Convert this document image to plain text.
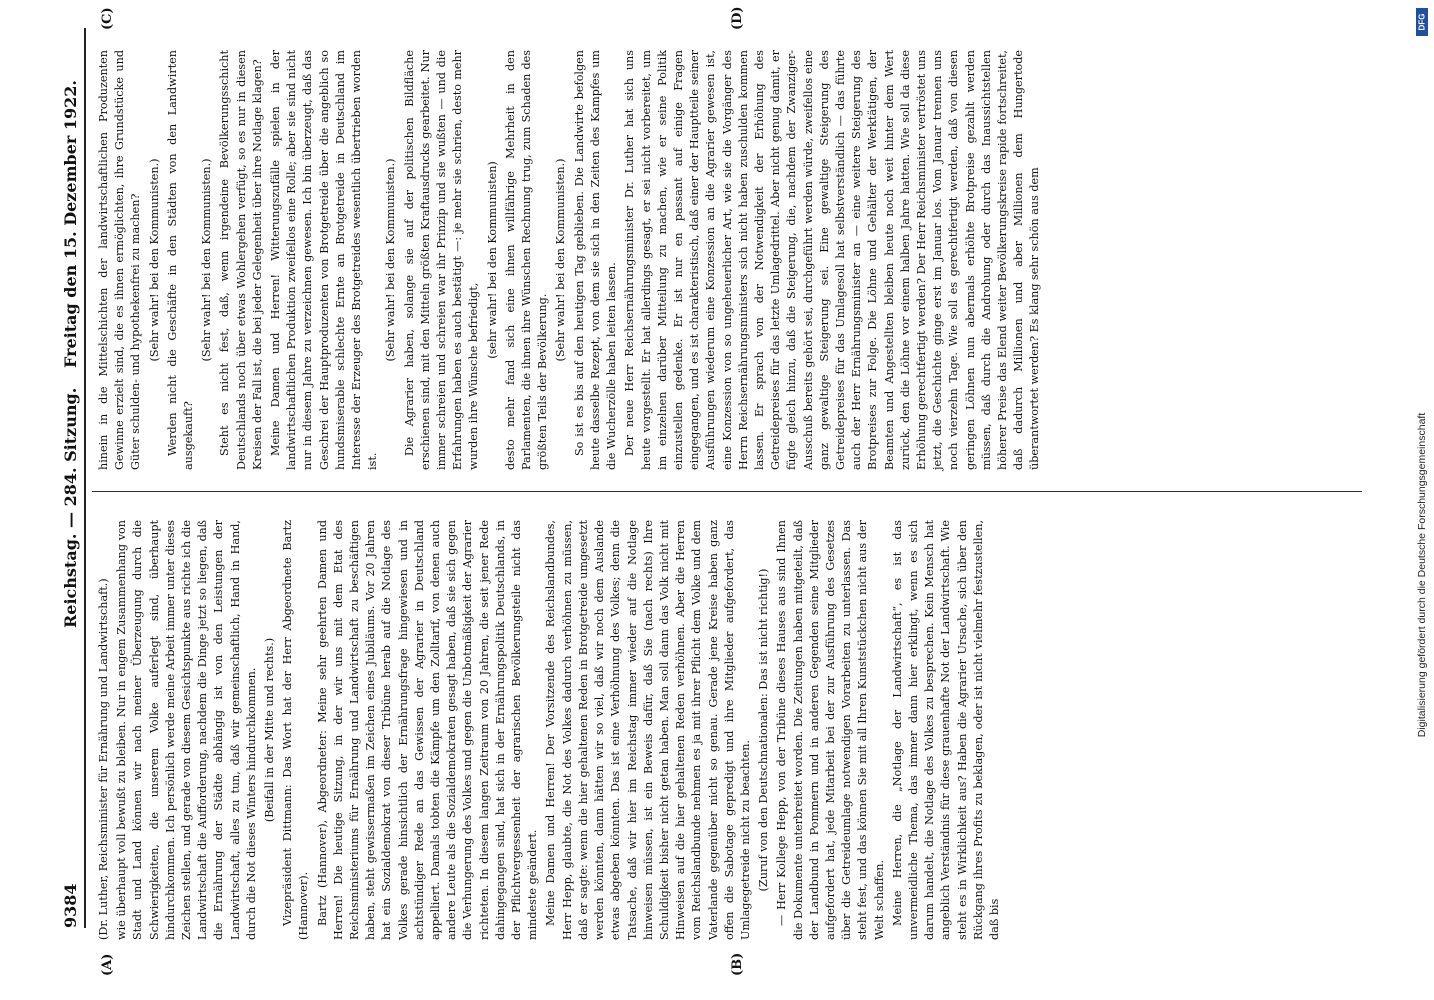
9384
Reichstag. — 284. Sitzung.
Freitag den 15. Dezember 1922.
(A)	(B)
(C)	(D)

(Dr. Luther, Reichsminister für Ernährung und Landwirtschaft.) wie überhaupt voll bewußt zu bleiben. Nur in engem Zusammenhang von Stadt und Land können wir nach meiner Überzeugung durch die Schwierigkeiten, die unserem Volke auferlegt sind, überhaupt hindurchkommen. Ich persönlich werde meine Arbeit immer unter dieses Zeichen stellen, und gerade von diesem Gesichtspunkte aus richte ich die Landwirtschaft die Aufforderung, nachdem die Dinge jetzt so liegen, daß die Ernährung der Städte abhängig ist von den Leistungen der Landwirtschaft, alles zu tun, daß wir gemeinschaftlich, Hand in Hand, durch die Not dieses Winters hindurchkommen. (Beifall in der Mitte und rechts.) Vizepräsident Dittmann: Das Wort hat der Herr Abgeordnete Bartz (Hannover). Bartz (Hannover), Abgeordneter: Meine sehr geehrten Damen und Herren! Die heutige Sitzung, in der wir uns mit dem Etat des Reichsministeriums für Ernährung und Landwirtschaft zu beschäftigen haben, steht gewissermaßen im Zeichen eines Jubiläums. Vor 20 Jahren hat ein Sozialdemokrat von dieser Tribüne herab auf die Notlage des Volkes gerade hinsichtlich der Ernährungsfrage hingewiesen und in achtstündiger Rede an das Gewissen der Agrarier in Deutschland appelliert. Damals tobten die Kämpfe um den Zolltarif, von denen auch andere Leute als die Sozialdemokraten gesagt haben, daß sie sich gegen die Verhungerung des Volkes und gegen die Unbotmäßigkeit der Agrarier richteten. In diesem langen Zeitraum von 20 Jahren, die seit jener Rede dahingegangen sind, hat sich in der Ernährungspolitik Deutschlands, in der Pflichtvergessenheit der agrarischen Bevölkerungsteile nicht das mindeste geändert. Meine Damen und Herren! Der Vorsitzende des Reichslandbundes, Herr Hepp, glaubte, die Not des Volkes dadurch verhöhnen zu müssen, daß er sagte: wenn die hier gehaltenen Reden in Brotgetreide umgesetzt werden könnten, dann hätten wir so viel, daß wir noch dem Auslande etwas abgeben könnten. Das ist eine Verhöhnung des Volkes; denn die Tatsache, daß wir hier im Reichstag immer wieder auf die Notlage hinweisen müssen, ist ein Beweis dafür, daß Sie (nach rechts) Ihre Schuldigkeit bisher nicht getan haben. Man soll dann das Volk nicht mit Hinweisen auf die hier gehaltenen Reden verhöhnen. Aber die Herren vom Reichslandbunde nehmen es ja mit ihrer Pflicht dem Volke und dem Vaterlande gegenüber nicht so genau. Gerade jene Kreise haben ganz offen die Sabotage gepredigt und ihre Mitglieder aufgefordert, das Umlagegetreide nicht zu beachten. (Zuruf von den Deutschnationalen: Das ist nicht richtig!) — Herr Kollege Hepp, von der Tribüne dieses Hauses aus sind Ihnen die Dokumente unterbreitet worden. Die Zeitungen haben mitgeteilt, daß der Landbund in Pommern und in anderen Gegenden seine Mitglieder aufgefordert hat, jede Mitarbeit bei der zur Ausführung des Gesetzes über die Getreideumlage notwendigen Vorarbeiten zu unterlassen. Das steht fest, und das können Sie mit all Ihren Kunststückchen nicht aus der Welt schaffen. Meine Herren, die „Notlage der Landwirtschaft“, es ist das unvermeidliche Thema, das immer dann hier erklingt, wenn es sich darum handelt, die Notlage des Volkes zu besprechen. Kein Mensch hat angeblich Verständnis für diese grauenhafte Not der Landwirtschaft. Wie steht es in Wirklichkeit aus? Haben die Agrarier Ursache, sich über den Rückgang ihres Profits zu beklagen, oder ist nicht vielmehr festzustellen, daß bis

hinein in die Mittelschichten der landwirtschaftlichen Produzenten Gewinne erzielt sind, die es ihnen ermöglichten, ihre Grundstücke und Güter schulden- und hypothekenfrei zu machen? (Sehr wahr! bei den Kommunisten.) Werden nicht die Geschäfte in den Städten von den Landwirten ausgekauft?

(Sehr wahr! bei den Kommunisten.) Steht es nicht fest, daß, wenn irgendeine Bevölkerungsschicht Deutschlands noch über etwas Wohlergehen verfügt, so es nur in diesen Kreisen der Fall ist, die bei jeder Gelegenheit über ihre Notlage klagen? Meine Damen und Herren! Witterungszufälle spielen in der landwirtschaftlichen Produktion zweifellos eine Rolle; aber sie sind nicht nur in diesem Jahre zu verzeichnen gewesen. Ich bin überzeugt, daß das Geschrei der Hauptproduzenten von Brotgetreide über die angeblich so hundsmiserable schlechte Ernte an Brotgetreide in Deutschland im Interesse der Erzeuger des Brotgetreides wesentlich übertrieben worden ist.

(Sehr wahr! bei den Kommunisten.) Die Agrarier haben, solange sie auf der politischen Bildfläche erschienen sind, mit den Mitteln größten Kraftausdrucks gearbeitet. Nur immer schreien und schreien war ihr Prinzip und sie wußten — und die Erfahrungen haben es auch bestätigt —: je mehr sie schrien, desto mehr wurden ihre Wünsche befriedigt,

(sehr wahr! bei den Kommunisten) desto mehr fand sich eine ihnen willfährige Mehrheit in den Parlamenten, die ihnen ihre Wünschen Rechnung trug, zum Schaden des größten Teils der Bevölkerung.

(Sehr wahr! bei den Kommunisten.) So ist es bis auf den heutigen Tag geblieben. Die Landwirte befolgen heute dasselbe Rezept, von dem sie sich in den Zeiten des Kampfes um die Wucherzölle haben leiten lassen. Der neue Herr Reichsernährungsminister Dr. Luther hat sich uns heute vorgestellt. Er hat allerdings gesagt, er sei nicht vorbereitet, um im einzelnen darüber Mitteilung zu machen, wie er seine Politik einzustellen gedenke. Er ist nur en passant auf einige Fragen eingegangen, und es ist charakteristisch, daß einer der Hauptteile seiner Ausführungen wiederum eine Konzession an die Agrarier gewesen ist, eine Konzession von so ungeheuerlicher Art, wie sie die Vorgänger des Herrn Reichsernährungsministers sich nicht haben zuschulden kommen lassen. Er sprach von der Notwendigkeit der Erhöhung des Getreidepreises für das letzte Umlagedrittel. Aber nicht genug damit, er fügte gleich hinzu, daß die Steigerung, die, nachdem der Zwanziger-Ausschuß bereits gehört sei, durchgeführt werden würde, zweifellos eine ganz gewaltige Steigerung sei. Eine gewaltige Steigerung des Getreidepreises für das Umlagesoll hat selbstverständlich — das führte auch der Herr Ernährungsminister an — eine weitere Steigerung des Brotpreises zur Folge. Die Löhne und Gehälter der Werktätigen, der Beamten und Angestellten bleiben heute noch weit hinter dem Wert zurück, den die Löhne vor einem halben Jahre hatten. Wie soll da diese Erhöhung gerechtfertigt werden? Der Herr Reichsminister vertröstet uns jetzt, die Geschichte ginge erst im Januar los. Vom Januar trennen uns noch vierzehn Tage. Wie soll es gerechtfertigt werden, daß von diesen geringen Löhnen nun abermals erhöhte Brotpreise gezahlt werden müssen, daß durch die Androhung oder durch das Inaussichtstellen höherer Preise das Elend weiter Bevölkerungskreise rapide fortschreitet, daß dadurch Millionen und aber Millionen dem Hungertode überantwortet werden? Es klang sehr schön aus dem

DFG
Digitalisierung gefördert durch die Deutsche Forschungsgemeinschaft
